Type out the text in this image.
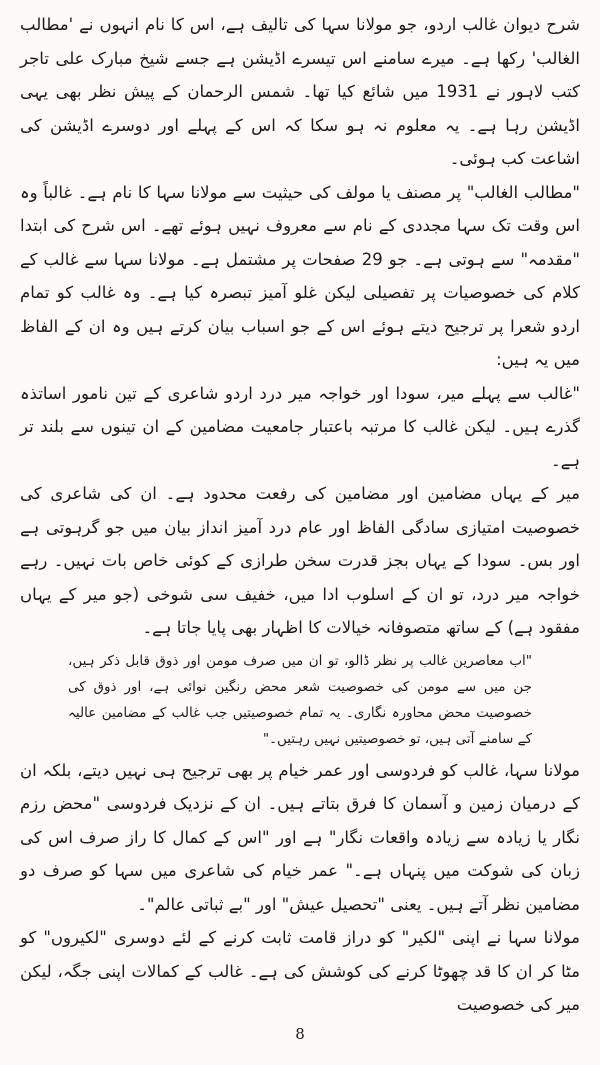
شرح دیوان غالب اردو، جو مولانا سہا کی تالیف ہے، اس کا نام انہوں نے 'مطالب الغالب' رکھا ہے۔ میرے سامنے اس تیسرے اڈیشن ہے جسے شیخ مبارک علی تاجر کتب لاہور نے 1931 میں شائع کیا تھا۔ شمس الرحمان کے پیش نظر بھی یہی اڈیشن رہا ہے۔ یہ معلوم نہ ہو سکا کہ اس کے پہلے اور دوسرے اڈیشن کی اشاعت کب ہوئی۔

"مطالب الغالب" پر مصنف یا مولف کی حیثیت سے مولانا سہا کا نام ہے۔ غالباً وہ اس وقت تک سہا مجددی کے نام سے معروف نہیں ہوئے تھے۔ اس شرح کی ابتدا "مقدمہ" سے ہوتی ہے۔ جو 29 صفحات پر مشتمل ہے۔ مولانا سہا سے غالب کے کلام کی خصوصیات پر تفصیلی لیکن غلو آمیز تبصرہ کیا ہے۔ وہ غالب کو تمام اردو شعرا پر ترجیح دیتے ہوئے اس کے جو اسباب بیان کرتے ہیں وہ ان کے الفاظ میں یہ ہیں:

"غالب سے پہلے میر، سودا اور خواجہ میر درد اردو شاعری کے تین نامور اساتذہ گذرے ہیں۔ لیکن غالب کا مرتبہ باعتبار جامعیت مضامین کے ان تینوں سے بلند تر ہے۔

میر کے یہاں مضامین اور مضامین کی رفعت محدود ہے۔ ان کی شاعری کی خصوصیت امتیازی سادگی الفاظ اور عام درد آمیز انداز بیان میں جو گرہوتی ہے اور بس۔ سودا کے یہاں بجز قدرت سخن طرازی کے کوئی خاص بات نہیں۔ رہے خواجہ میر درد، تو ان کے اسلوب ادا میں، خفیف سی شوخی (جو میر کے یہاں مفقود ہے) کے ساتھ متصوفانہ خیالات کا اظہار بھی پایا جاتا ہے۔

"اب معاصرین غالب پر نظر ڈالو، تو ان میں صرف مومن اور ذوق قابل ذکر ہیں، جن میں سے مومن کی خصوصیت شعر محض رنگین نوائی ہے، اور ذوق کی خصوصیت محض محاورہ نگاری۔ یہ تمام خصوصیتیں جب غالب کے مضامین عالیہ کے سامنے آتی ہیں، تو خصوصیتیں نہیں رہتیں۔"

مولانا سہا، غالب کو فردوسی اور عمر خیام پر بھی ترجیح ہی نہیں دیتے، بلکہ ان کے درمیان زمین و آسمان کا فرق بتاتے ہیں۔ ان کے نزدیک فردوسی "محض رزم نگار یا زیادہ سے زیادہ واقعات نگار" ہے اور "اس کے کمال کا راز صرف اس کی زبان کی شوکت میں پنہاں ہے۔" عمر خیام کی شاعری میں سہا کو صرف دو مضامین نظر آتے ہیں۔ یعنی "تحصیل عیش" اور "بے ثباتی عالم"۔

مولانا سہا نے اپنی "لکیر" کو دراز قامت ثابت کرنے کے لئے دوسری "لکیروں" کو مٹا کر ان کا قد چھوٹا کرنے کی کوشش کی ہے۔ غالب کے کمالات اپنی جگہ، لیکن میر کی خصوصیت

8
